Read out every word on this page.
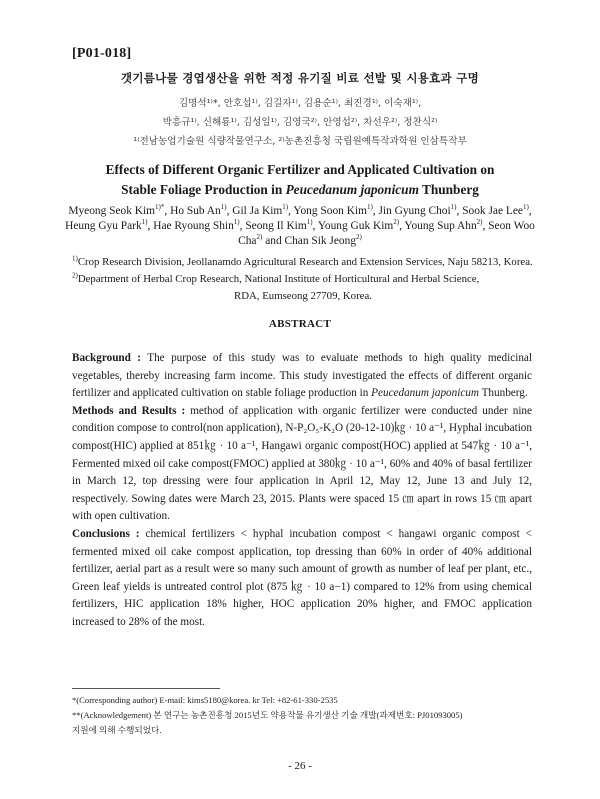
[P01-018]
갯기름나물 경엽생산을 위한 적정 유기질 비료 선발 및 시용효과 구명
김명석¹⁾*, 안호섭¹⁾, 김길자¹⁾, 김용순¹⁾, 최진경¹⁾, 이숙재¹⁾,
박흥규¹⁾, 신해룡¹⁾, 김성일¹⁾, 김영국²⁾, 안영섭²⁾, 차선우²⁾, 정찬식²⁾
¹⁾전남농업기술원 식량작물연구소, ²⁾농촌진흥청 국립원예특작과학원 인삼특작부
Effects of Different Organic Fertilizer and Applicated Cultivation on
Stable Foliage Production in Peucedanum japonicum Thunberg
Myeong Seok Kim$^{1)*}$, Ho Sub An$^{1)}$, Gil Ja Kim$^{1)}$, Yong Soon Kim$^{1)}$, Jin Gyung Choi$^{1)}$, Sook Jae Lee$^{1)}$, Heung Gyu Park$^{1)}$, Hae Ryoung Shin$^{1)}$, Seong Il Kim$^{1)}$, Young Guk Kim$^{2)}$, Young Sup Ahn$^{2)}$, Seon Woo Cha$^{2)}$ and Chan Sik Jeong$^{2)}$
$^{1)}$Crop Research Division, Jeollanamdo Agricultural Research and Extension Services, Naju 58213, Korea.
$^{2)}$Department of Herbal Crop Research, National Institute of Horticultural and Herbal Science,
RDA, Eumseong 27709, Korea.
ABSTRACT

Background : The purpose of this study was to evaluate methods to high quality medicinal vegetables, thereby increasing farm income. This study investigated the effects of different organic fertilizer and applicated cultivation on stable foliage production in Peucedanum japonicum Thunberg.

Methods and Results : method of application with organic fertilizer were conducted under nine condition compose to control(non application), N-P₂O₅-K₂O (20-12-10)㎏ · 10 a⁻¹, Hyphal incubation compost(HIC) applied at 851㎏ · 10 a⁻¹, Hangawi organic compost(HOC) applied at 547㎏ · 10 a⁻¹, Fermented mixed oil cake compost(FMOC) applied at 380㎏ · 10 a⁻¹, 60% and 40% of basal fertilizer in March 12, top dressing were four application in April 12, May 12, June 13 and July 12, respectively. Sowing dates were March 23, 2015. Plants were spaced 15 ㎝ apart in rows 15 ㎝ apart with open cultivation.

Conclusions : chemical fertilizers < hyphal incubation compost < hangawi organic compost < fermented mixed oil cake compost application, top dressing than 60% in order of 40% additional fertilizer, aerial part as a result were so many such amount of growth as number of leaf per plant, etc., Green leaf yields is untreated control plot (875 ㎏ · 10 a−1) compared to 12% from using chemical fertilizers, HIC application 18% higher, HOC application 20% higher, and FMOC application increased to 28% of the most.

*(Corresponding author) E-mail: kims5180@korea. kr Tel: +82-61-330-2535
**(Acknowledgement) 본 연구는 농촌진흥청 2015년도 약용작물 유기생산 기술 개발(과제번호: PJ01093005)
지원에 의해 수행되었다.
- 26 -
